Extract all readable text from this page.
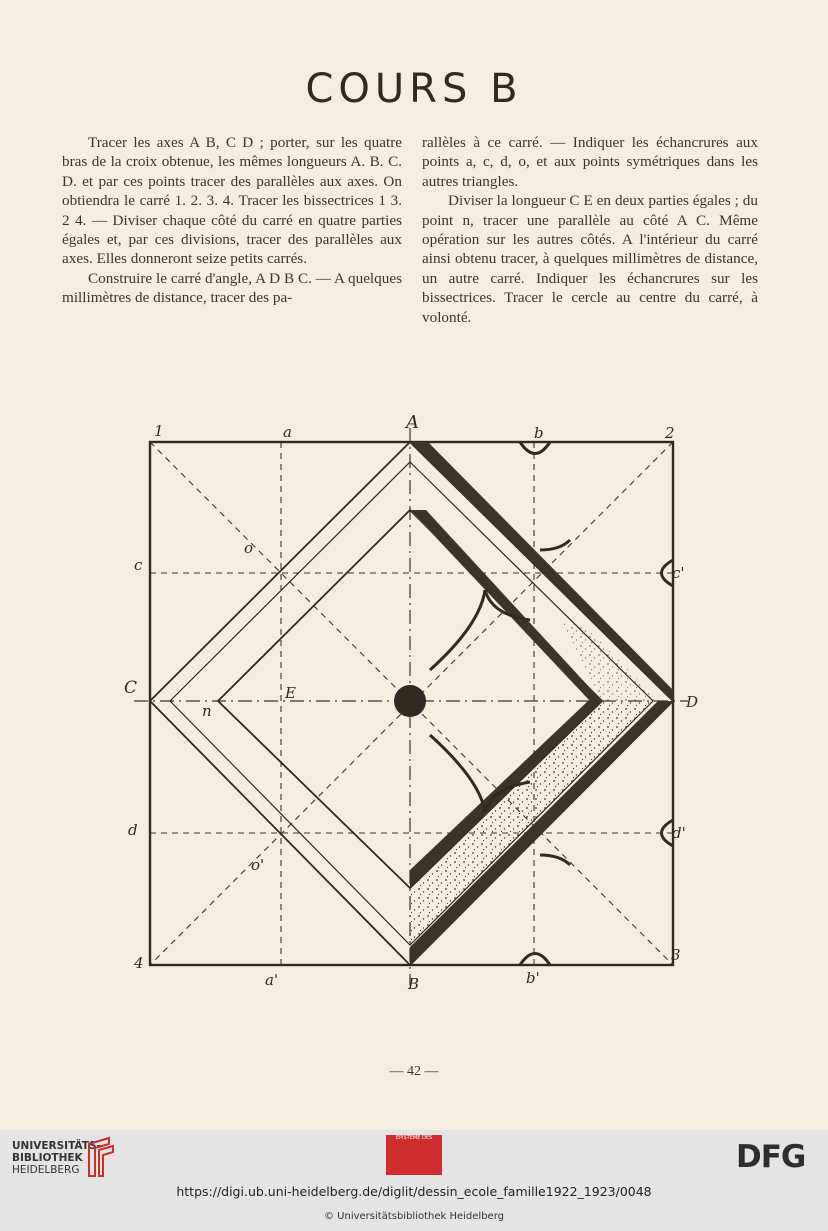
COURS B

Tracer les axes A B, C D ; porter, sur les quatre bras de la croix obtenue, les mêmes longueurs A. B. C. D. et par ces points tracer des parallèles aux axes. On obtiendra le carré 1. 2. 3. 4. Tracer les bissectrices 1 3. 2 4. — Diviser chaque côté du carré en quatre parties égales et, par ces divisions, tracer des parallèles aux axes. Elles donneront seize petits carrés.

Construire le carré d'angle, A D B C. — A quelques millimètres de distance, tracer des pa-

rallèles à ce carré. — Indiquer les échancrures aux points a, c, d, o, et aux points symétriques dans les autres triangles.

Diviser la longueur C E en deux parties égales ; du point n, tracer une parallèle au côté A C. Même opération sur les autres côtés. A l'intérieur du carré ainsi obtenu tracer, à quelques millimètres de distance, un autre carré. Indiquer les échancrures sur les bissectrices. Tracer le cercle au centre du carré, à volonté.

1	a	A	b	2
c
o
c'
C
n
E	D
d
o'
d'
4
a'	B	b'
3
— 42 —
UNIVERSITÄTS-
BIBLIOTHEK
HEIDELBERG
ÉPISTEME DES
DFG
https://digi.ub.uni-heidelberg.de/diglit/dessin_ecole_famille1922_1923/0048
© Universitätsbibliothek Heidelberg
